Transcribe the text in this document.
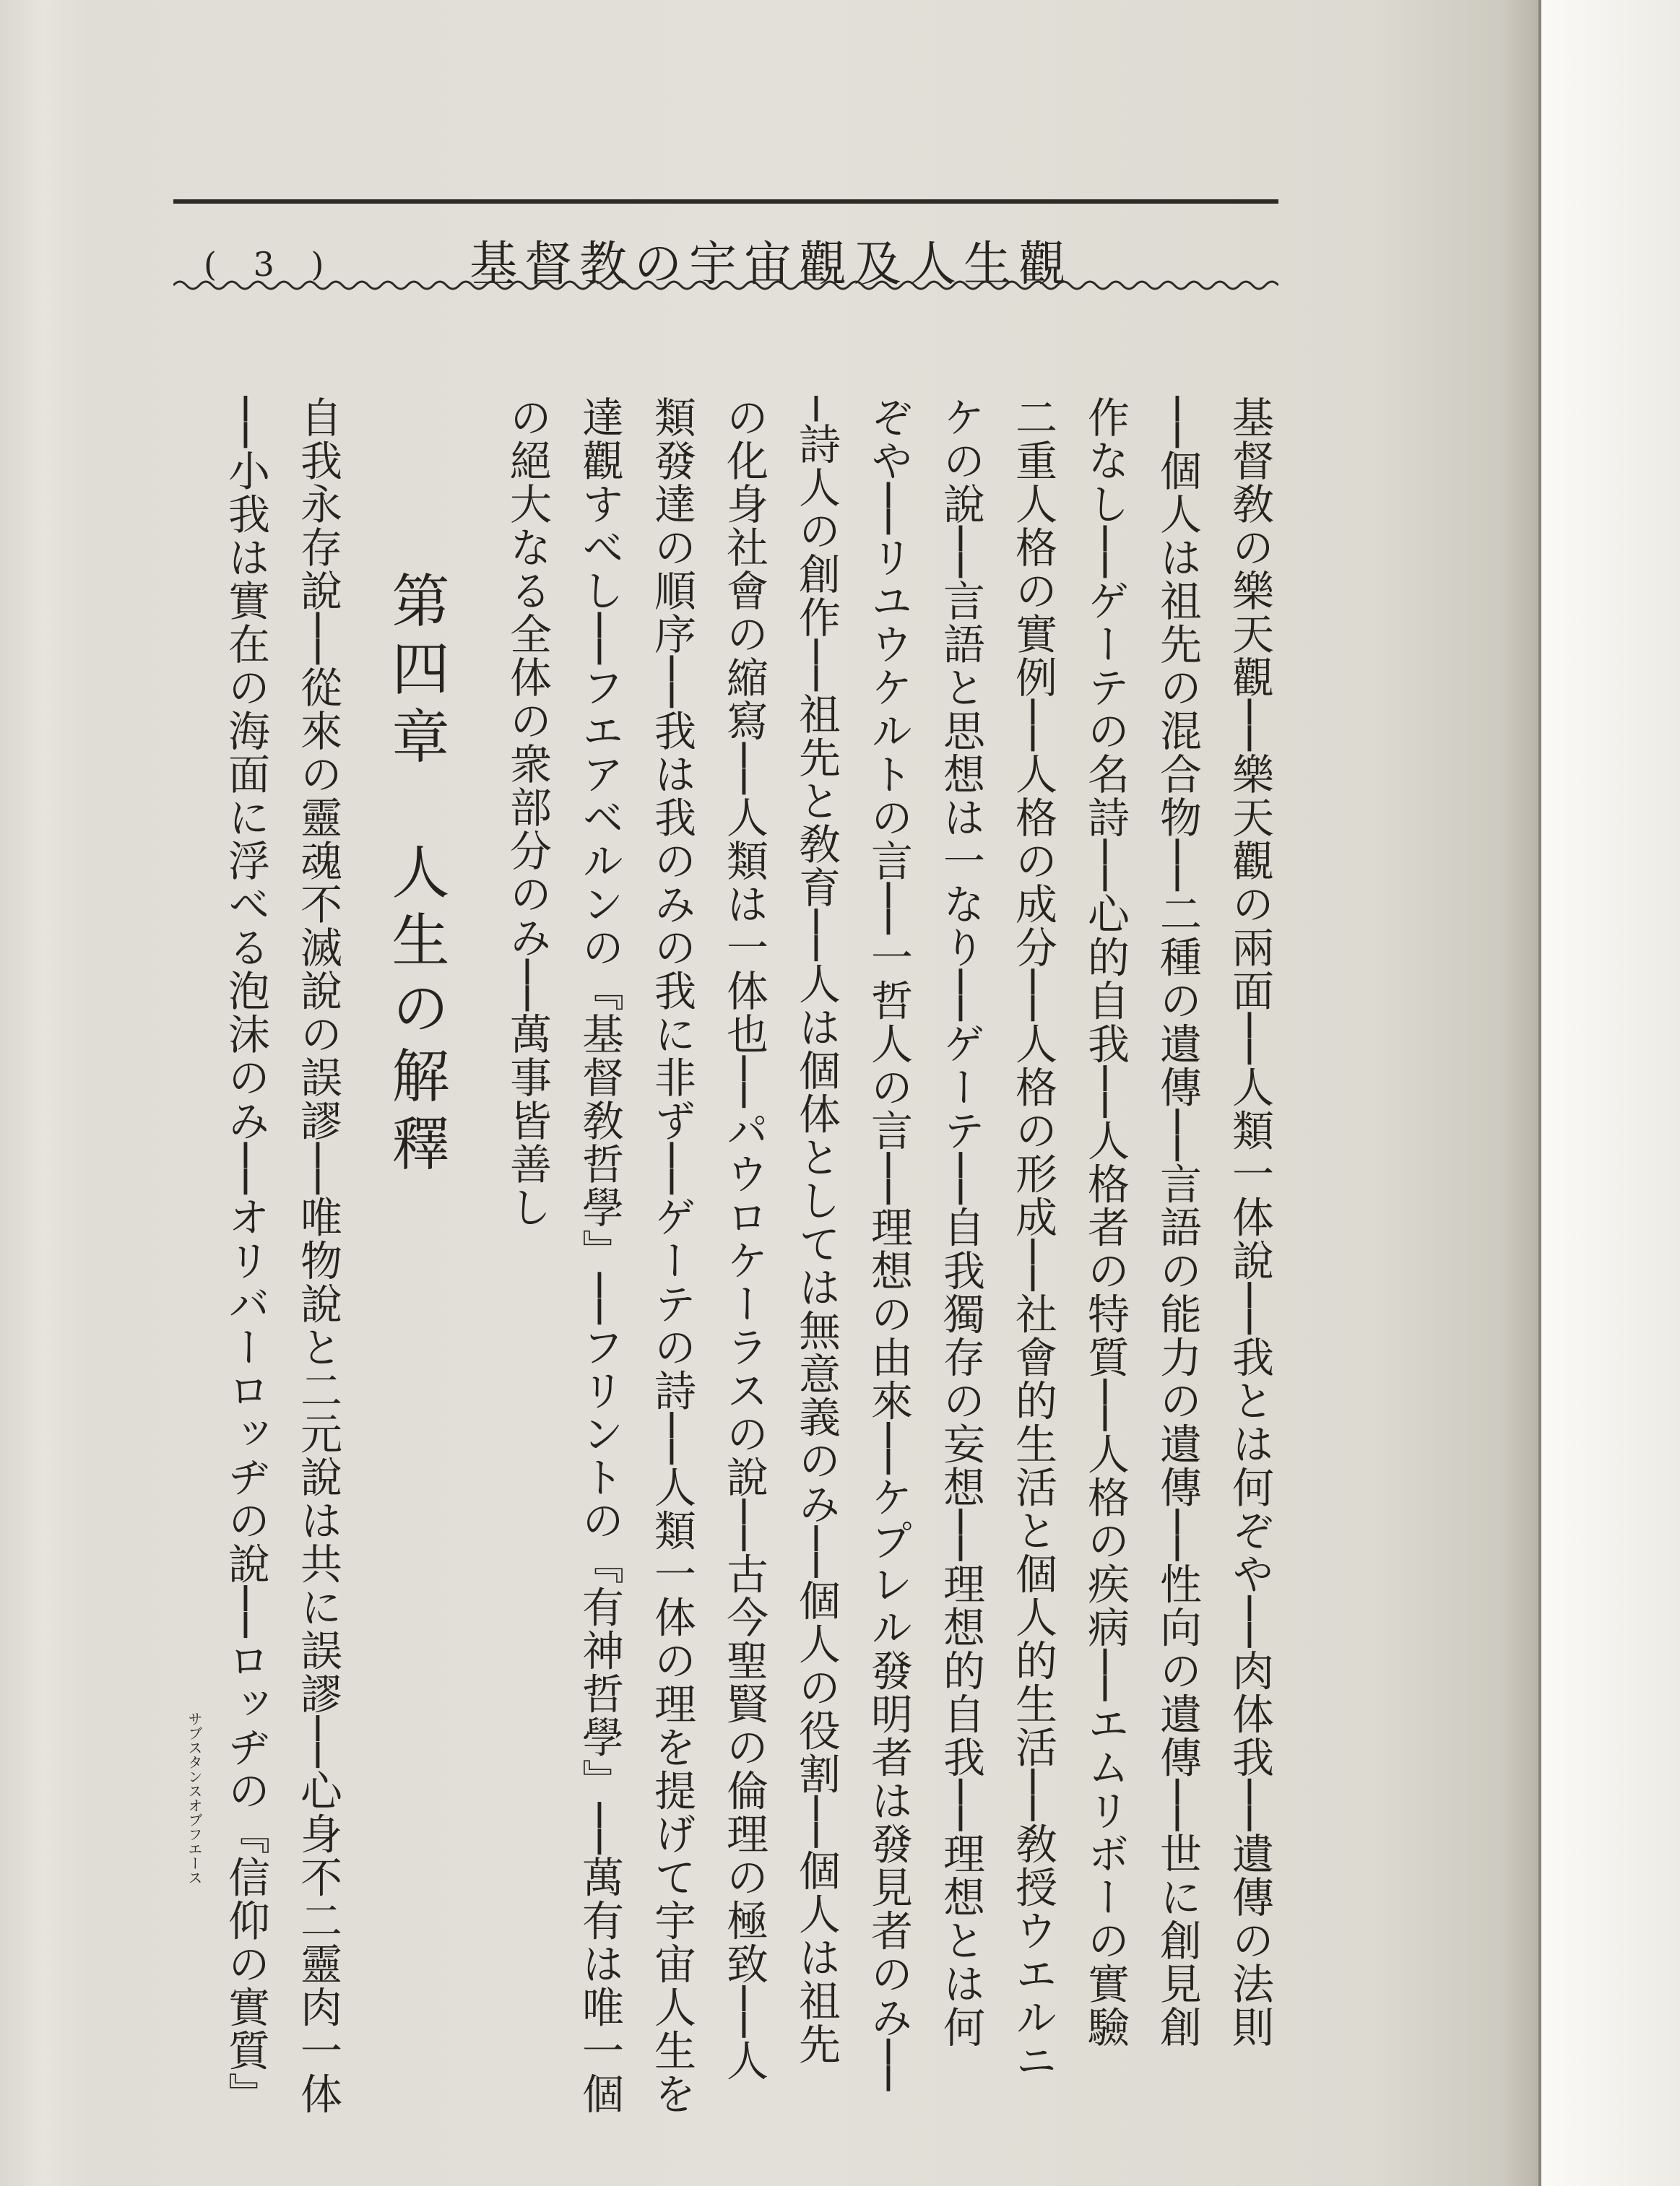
( 3 )	基督教の宇宙觀及人生觀
基督敎の樂天觀──樂天觀の兩面──人類一体說──我とは何ぞや──肉体我──遺傳の法則
──個人は祖先の混合物──二種の遺傳──言語の能力の遺傳──性向の遺傳──世に創見創
作なし──ゲーテの名詩──心的自我──人格者の特質──人格の疾病──エムリボーの實驗
二重人格の實例──人格の成分──人格の形成──社會的生活と個人的生活──敎授ウエルニ
ケの說──言語と思想は一なり──ゲーテ──自我獨存の妄想──理想的自我──理想とは何
ぞや──リユウケルトの言──一哲人の言──理想の由來──ケプレル發明者は發見者のみ──
─詩人の創作──祖先と敎育──人は個体としては無意義のみ──個人の役割──個人は祖先
の化身社會の縮寫──人類は一体也──パウロケーラスの說──古今聖賢の倫理の極致──人
類發達の順序──我は我のみの我に非ず──ゲーテの詩──人類一体の理を提げて宇宙人生を
達觀すべし──フエアベルンの『基督敎哲學』──フリントの『有神哲學』──萬有は唯一個
の絕大なる全体の衆部分のみ──萬事皆善し
第四章　人生の解釋
自我永存說──從來の靈魂不滅說の誤謬──唯物說と二元說は共に誤謬──心身不二靈肉一体
──小我は實在の海面に浮べる泡沫のみ──オリバーロッヂの說──ロッヂの『信仰の實質』
サブスタンスオブフエース
